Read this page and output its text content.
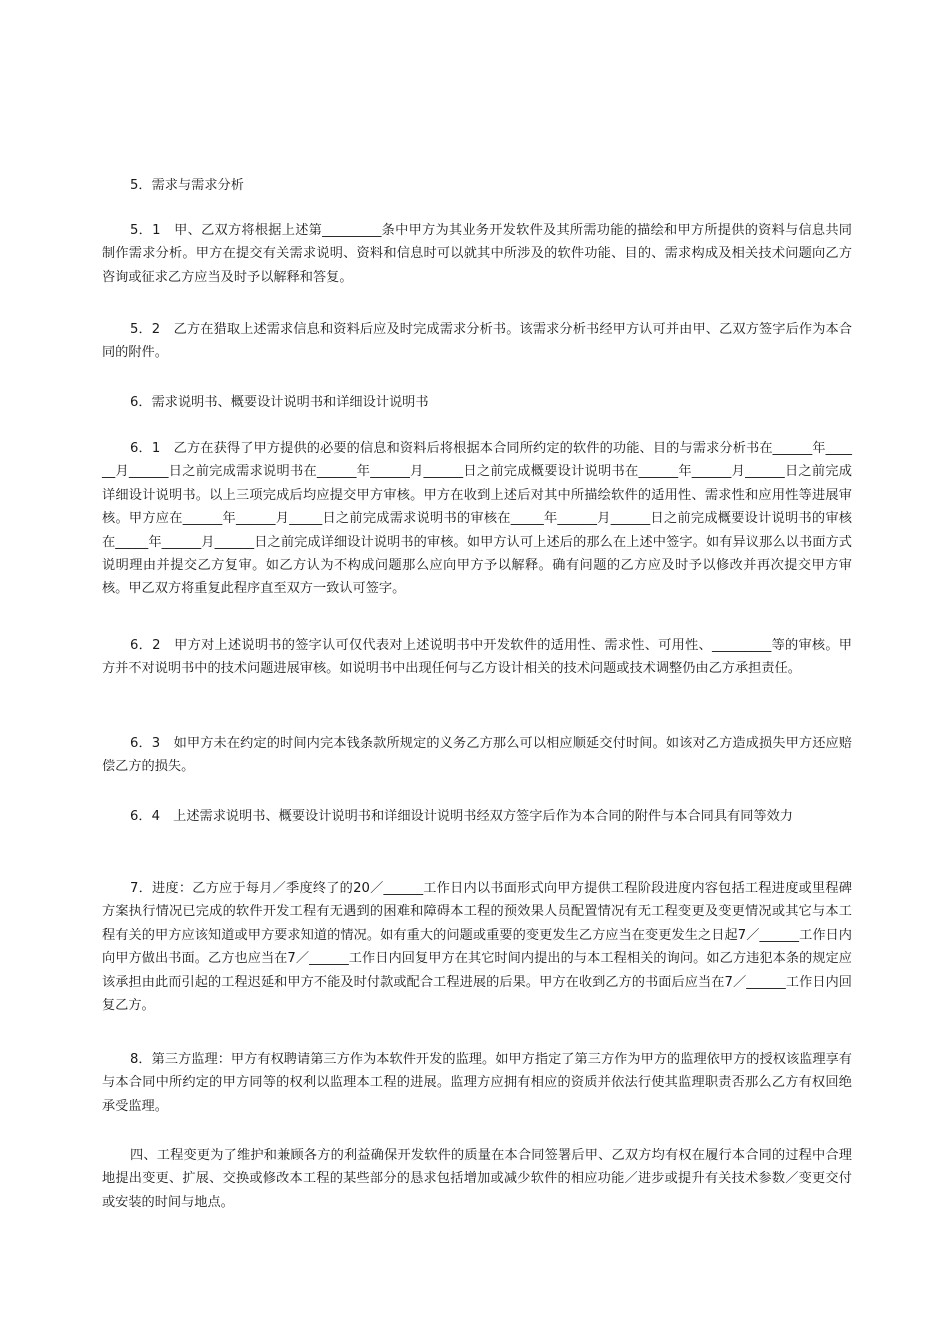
5．需求与需求分析

5．1　甲、乙双方将根据上述第_________条中甲方为其业务开发软件及其所需功能的描绘和甲方所提供的资料与信息共同制作需求分析。甲方在提交有关需求说明、资料和信息时可以就其中所涉及的软件功能、目的、需求构成及相关技术问题向乙方咨询或征求乙方应当及时予以解释和答复。

5．2　乙方在猎取上述需求信息和资料后应及时完成需求分析书。该需求分析书经甲方认可并由甲、乙双方签字后作为本合同的附件。

6．需求说明书、概要设计说明书和详细设计说明书

6．1　乙方在获得了甲方提供的必要的信息和资料后将根据本合同所约定的软件的功能、目的与需求分析书在______年______月______日之前完成需求说明书在______年______月______日之前完成概要设计说明书在______年______月______日之前完成详细设计说明书。以上三项完成后均应提交甲方审核。甲方在收到上述后对其中所描绘软件的适用性、需求性和应用性等进展审核。甲方应在______年______月_____日之前完成需求说明书的审核在_____年______月______日之前完成概要设计说明书的审核在_____年______月______日之前完成详细设计说明书的审核。如甲方认可上述后的那么在上述中签字。如有异议那么以书面方式说明理由并提交乙方复审。如乙方认为不构成问题那么应向甲方予以解释。确有问题的乙方应及时予以修改并再次提交甲方审核。甲乙双方将重复此程序直至双方一致认可签字。

6．2　甲方对上述说明书的签字认可仅代表对上述说明书中开发软件的适用性、需求性、可用性、_________等的审核。甲方并不对说明书中的技术问题进展审核。如说明书中出现任何与乙方设计相关的技术问题或技术调整仍由乙方承担责任。

6．3　如甲方未在约定的时间内完本钱条款所规定的义务乙方那么可以相应顺延交付时间。如该对乙方造成损失甲方还应赔偿乙方的损失。

6．4　上述需求说明书、概要设计说明书和详细设计说明书经双方签字后作为本合同的附件与本合同具有同等效力

7．进度：乙方应于每月／季度终了的20／______工作日内以书面形式向甲方提供工程阶段进度内容包括工程进度或里程碑方案执行情况已完成的软件开发工程有无遇到的困难和障碍本工程的预效果人员配置情况有无工程变更及变更情况或其它与本工程有关的甲方应该知道或甲方要求知道的情况。如有重大的问题或重要的变更发生乙方应当在变更发生之日起7／______工作日内向甲方做出书面。乙方也应当在7／______工作日内回复甲方在其它时间内提出的与本工程相关的询问。如乙方违犯本条的规定应该承担由此而引起的工程迟延和甲方不能及时付款或配合工程进展的后果。甲方在收到乙方的书面后应当在7／______工作日内回复乙方。

8．第三方监理：甲方有权聘请第三方作为本软件开发的监理。如甲方指定了第三方作为甲方的监理依甲方的授权该监理享有与本合同中所约定的甲方同等的权利以监理本工程的进展。监理方应拥有相应的资质并依法行使其监理职责否那么乙方有权回绝承受监理。

四、工程变更为了维护和兼顾各方的利益确保开发软件的质量在本合同签署后甲、乙双方均有权在履行本合同的过程中合理地提出变更、扩展、交换或修改本工程的某些部分的恳求包括增加或减少软件的相应功能／进步或提升有关技术参数／变更交付或安装的时间与地点。
